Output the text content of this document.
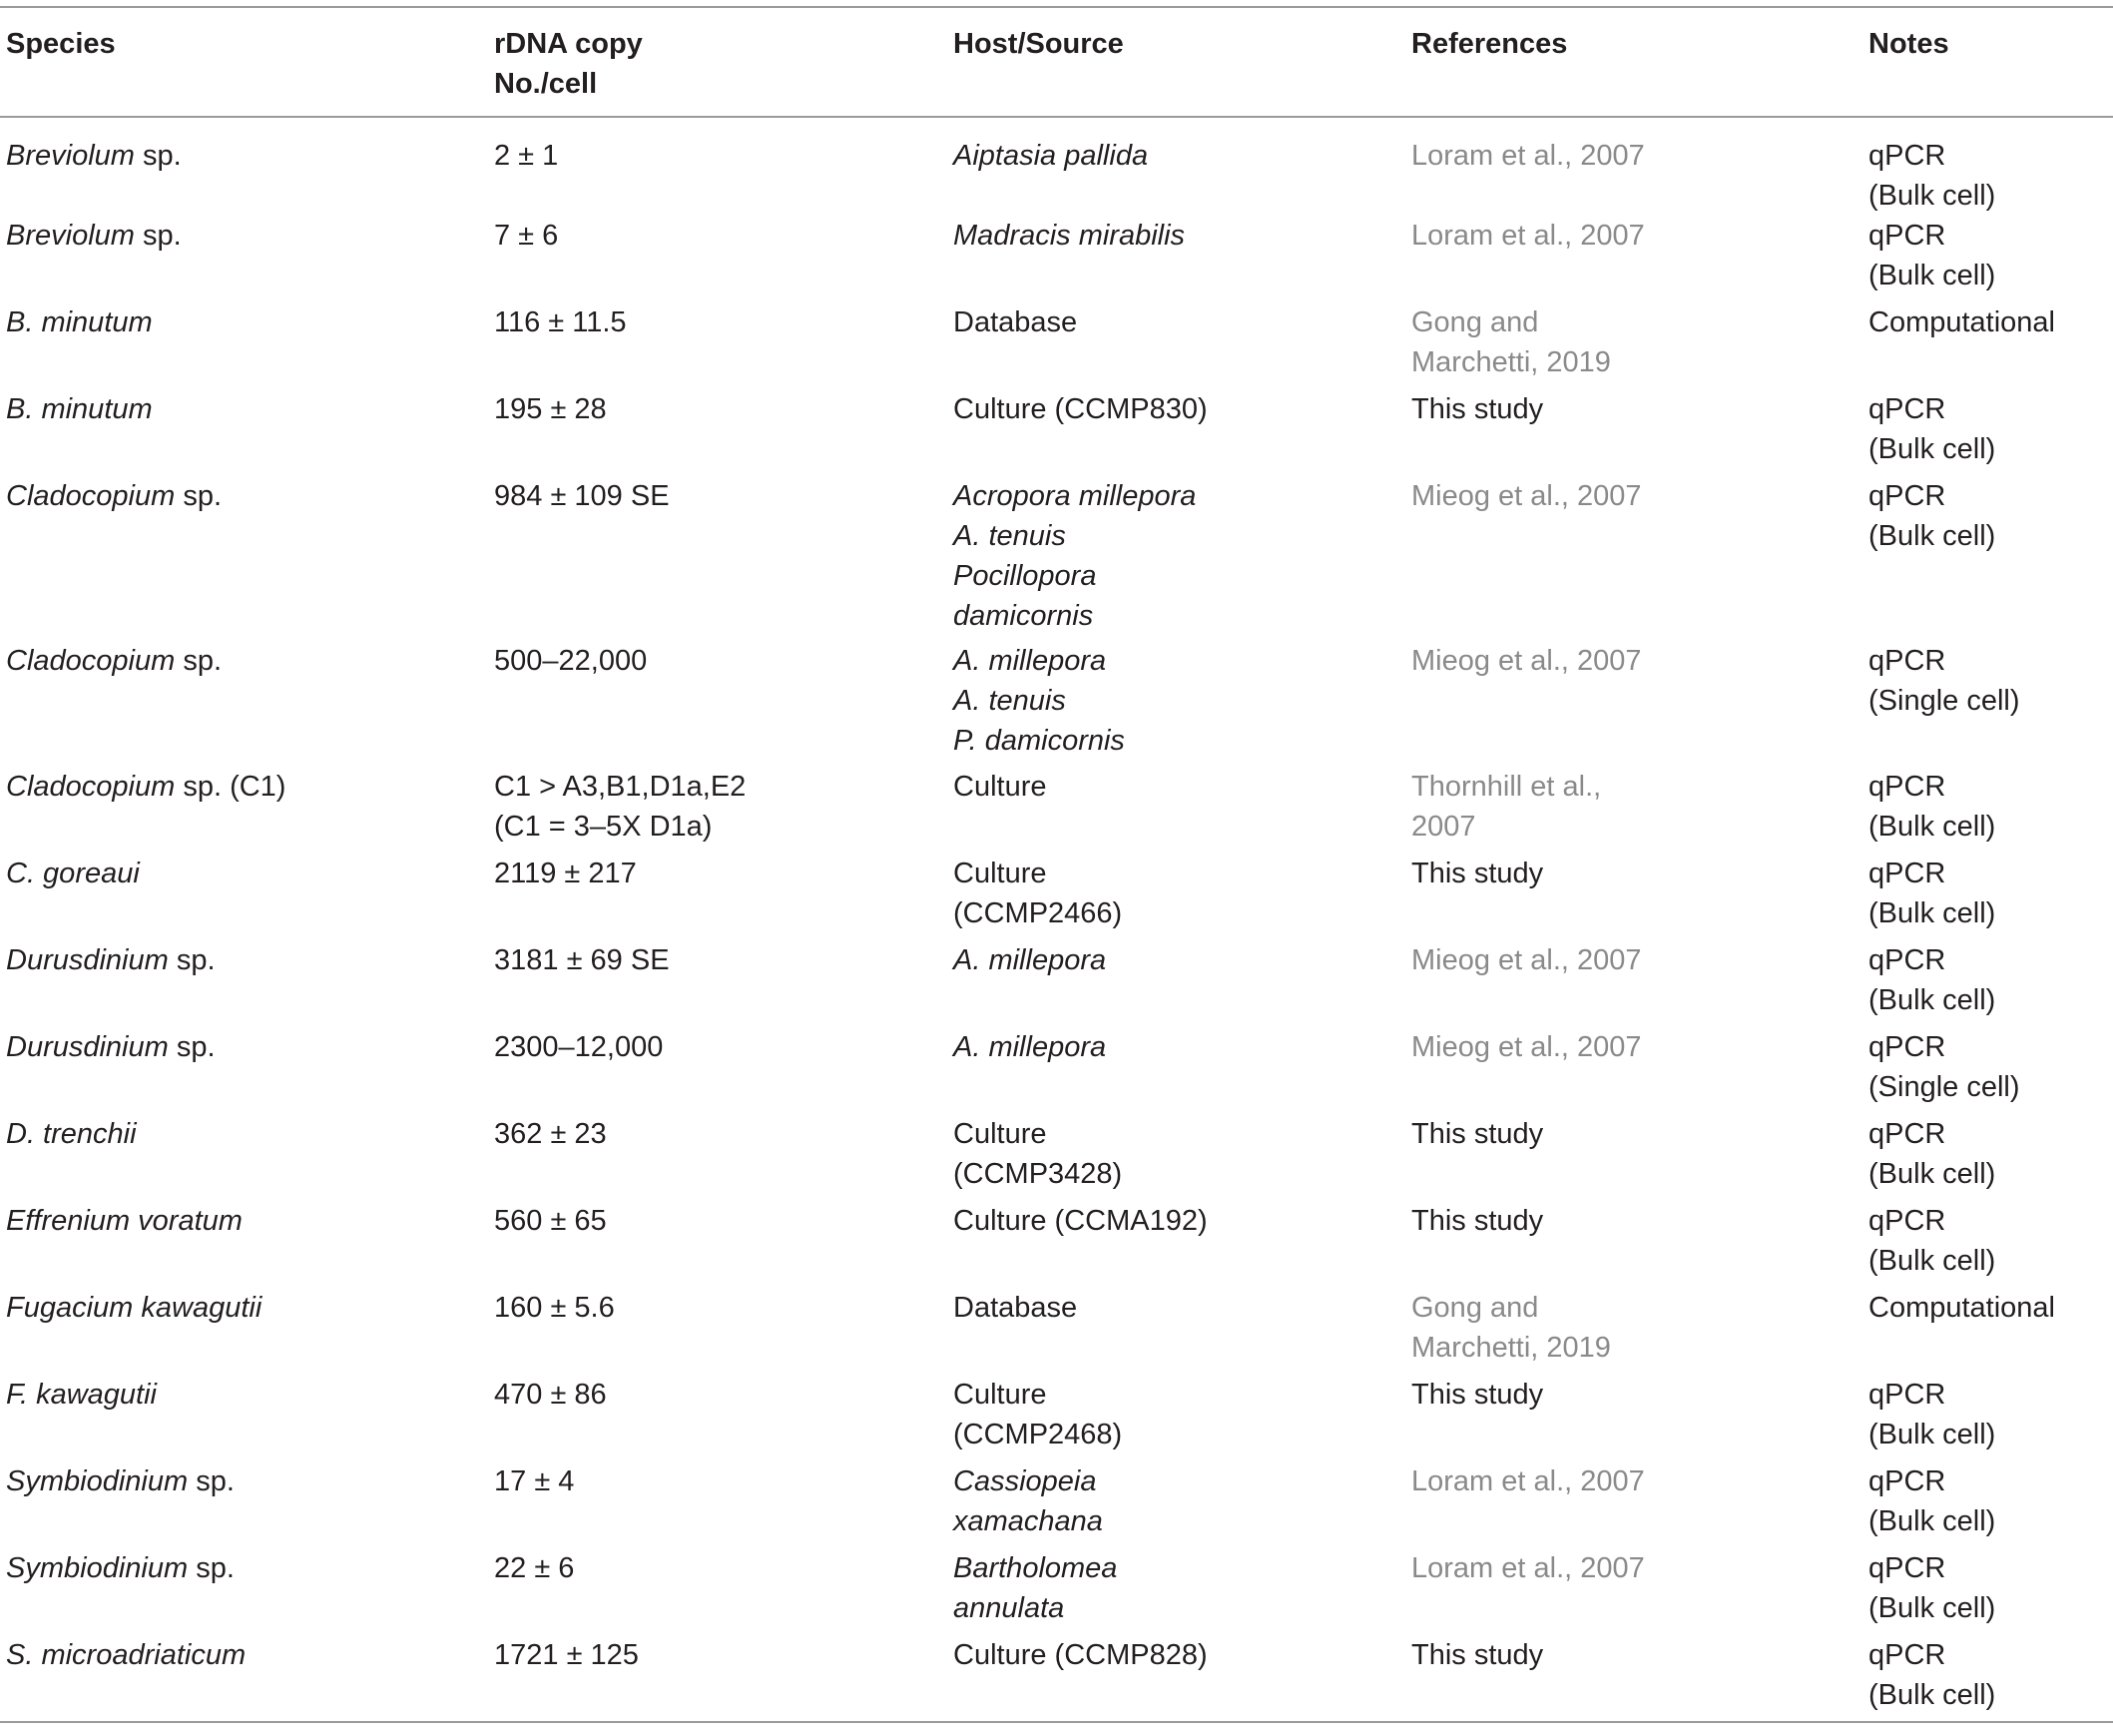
Species	rDNA copy
No./cell	Host/Source	References	Notes

Breviolum sp.	2 ± 1	Aiptasia pallida	Loram et al., 2007	qPCR
(Bulk cell)

Breviolum sp.	7 ± 6	Madracis mirabilis	Loram et al., 2007	qPCR
(Bulk cell)

B. minutum	116 ± 11.5	Database	Gong and
Marchetti, 2019	Computational

B. minutum	195 ± 28	Culture (CCMP830)	This study	qPCR
(Bulk cell)

Cladocopium sp.	984 ± 109 SE	Acropora millepora
A. tenuis
Pocillopora
damicornis	Mieog et al., 2007	qPCR
(Bulk cell)

Cladocopium sp.	500–22,000	A. millepora
A. tenuis
P. damicornis	Mieog et al., 2007	qPCR
(Single cell)

Cladocopium sp. (C1)	C1 > A3,B1,D1a,E2
(C1 = 3–5X D1a)	Culture	Thornhill et al.,
2007	qPCR
(Bulk cell)

C. goreaui	2119 ± 217	Culture
(CCMP2466)	This study	qPCR
(Bulk cell)

Durusdinium sp.	3181 ± 69 SE	A. millepora	Mieog et al., 2007	qPCR
(Bulk cell)

Durusdinium sp.	2300–12,000	A. millepora	Mieog et al., 2007	qPCR
(Single cell)

D. trenchii	362 ± 23	Culture
(CCMP3428)	This study	qPCR
(Bulk cell)

Effrenium voratum	560 ± 65	Culture (CCMA192)	This study	qPCR
(Bulk cell)

Fugacium kawagutii	160 ± 5.6	Database	Gong and
Marchetti, 2019	Computational

F. kawagutii	470 ± 86	Culture
(CCMP2468)	This study	qPCR
(Bulk cell)

Symbiodinium sp.	17 ± 4	Cassiopeia
xamachana	Loram et al., 2007	qPCR
(Bulk cell)

Symbiodinium sp.	22 ± 6	Bartholomea
annulata	Loram et al., 2007	qPCR
(Bulk cell)

S. microadriaticum	1721 ± 125	Culture (CCMP828)	This study	qPCR
(Bulk cell)
